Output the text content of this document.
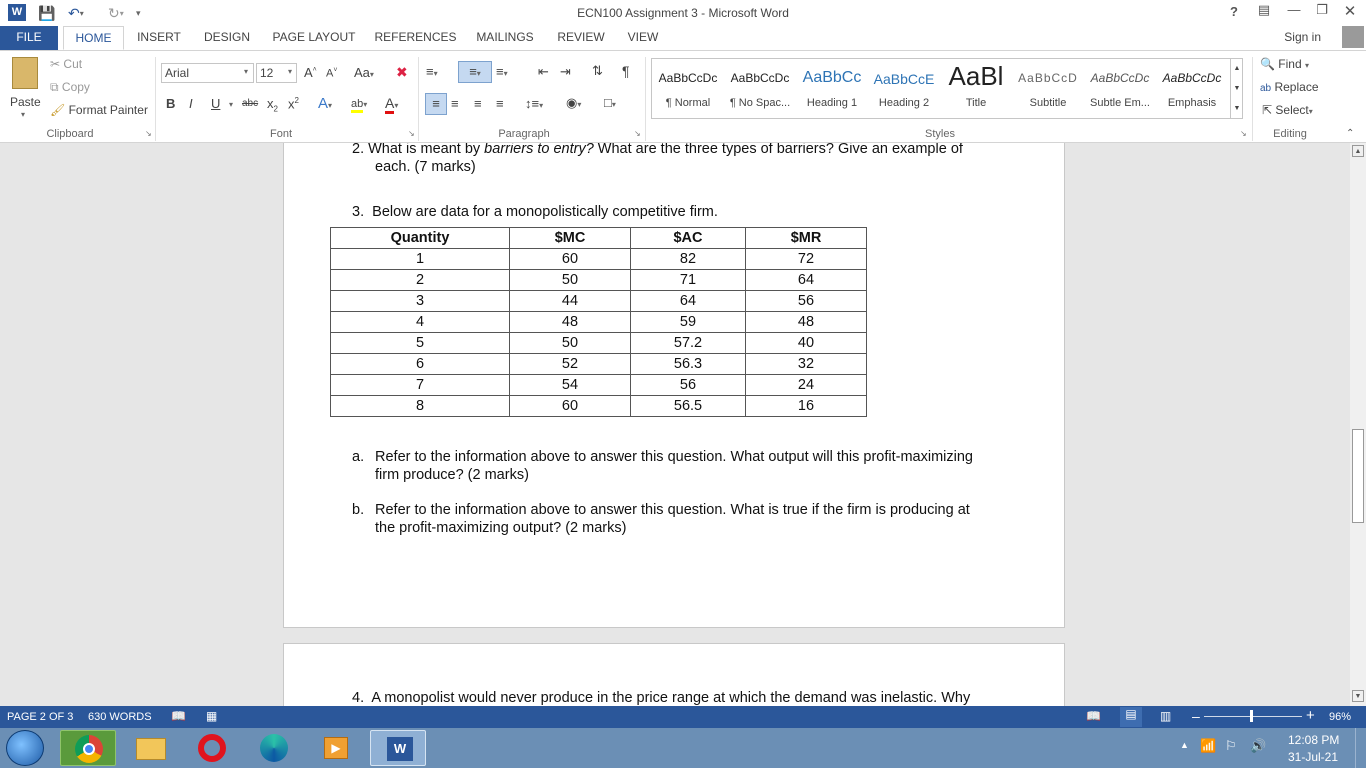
W 💾 ↶ ▾ ↻ ▾ ▾	ECN100 Assignment 3 - Microsoft Word	?	▤	—	❐	✕
FILE	HOME	INSERT	DESIGN	PAGE LAYOUT	REFERENCES	MAILINGS	REVIEW	VIEW	Sign in
Paste
▾
✂ Cut
⧉ Copy
🖌 Format Painter
Clipboard	↘
Arial	▾ 12	▾ A˄ A˅ Aa▾ ✖
B I U ▾ abc $x_2$ $x^2$ A▾ ab▾ A▾
Font	↘
≡▾	≡▾	≡▾ ⇤ ⇥ ⇅ ¶
≡ ≡ ≡ ≡ ↕≡▾ ◉▾ □▾
Paragraph	↘
AaBbCcDc
¶ Normal
AaBbCcDc
¶ No Spac...
AaBbCc
Heading 1
AaBbCcE
Heading 2
AaBl
Title
AaBbCcD
Subtitle
AaBbCcDc
Subtle Em...
AaBbCcDc
Emphasis
▲
▼
▼
Styles	↘
🔍 Find ▾
ab Replace
⇱ Select▾
Editing	⌃
2. What is meant by barriers to entry? What are the three types of barriers? Give an example of
each. (7 marks)
3.  Below are data for a monopolistically competitive firm.
Quantity	$MC	$AC	$MR
1	60	82	72
2	50	71	64
3	44	64	56
4	48	59	48
5	50	57.2	40
6	52	56.3	32
7	54	56	24
8	60	56.5	16
a. Refer to the information above to answer this question. What output will this profit-maximizing
firm produce? (2 marks)
b. Refer to the information above to answer this question. What is true if the firm is producing at
the profit-maximizing output? (2 marks)
4.  A monopolist would never produce in the price range at which the demand was inelastic. Why
▲
▼
PAGE 2 OF 3 630 WORDS 📖 ▦	📖	▤	▥ –	+ 96%
▶	W	▲ 📶 ⚐ 🔊 12:08 PM
31-Jul-21
